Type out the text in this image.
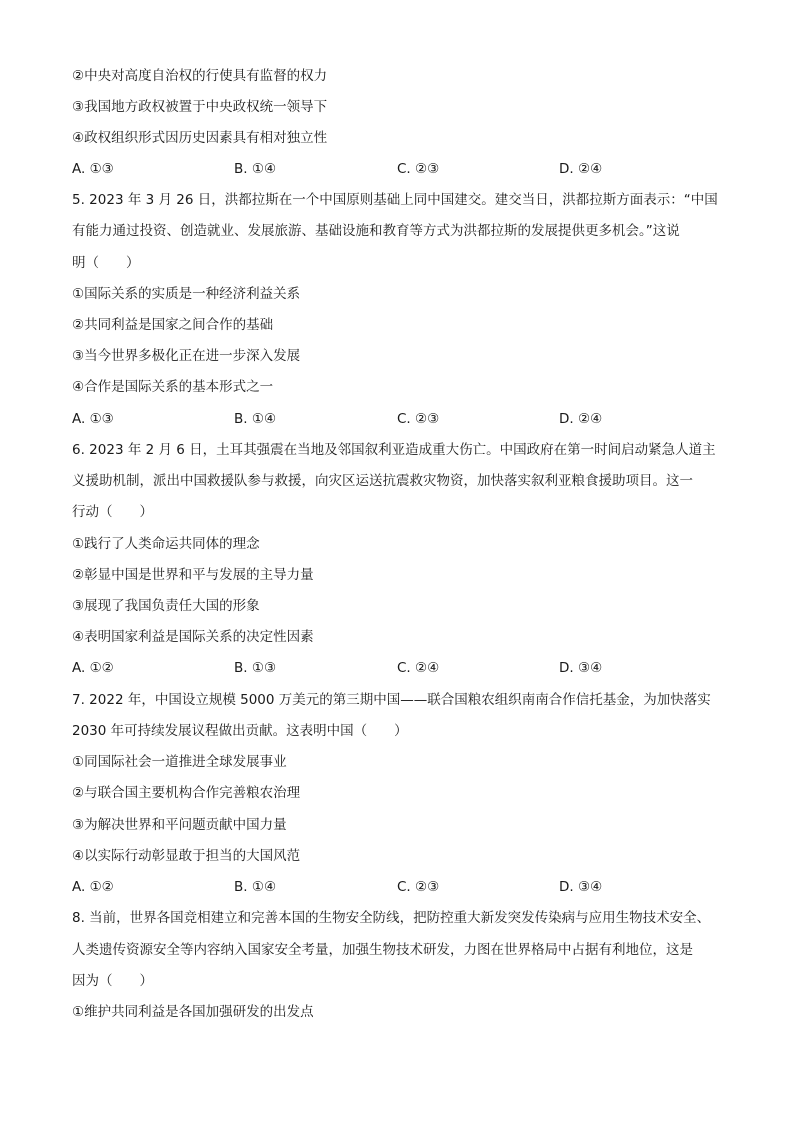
②中央对高度自治权的行使具有监督的权力
③我国地方政权被置于中央政权统一领导下
④政权组织形式因历史因素具有相对独立性
A. ①③	B. ①④	C. ②③	D. ②④
5. 2023 年 3 月 26 日，洪都拉斯在一个中国原则基础上同中国建交。建交当日，洪都拉斯方面表示：“中国
有能力通过投资、创造就业、发展旅游、基础设施和教育等方式为洪都拉斯的发展提供更多机会。”这说
明（　　）
①国际关系的实质是一种经济利益关系
②共同利益是国家之间合作的基础
③当今世界多极化正在进一步深入发展
④合作是国际关系的基本形式之一
A. ①③	B. ①④	C. ②③	D. ②④
6. 2023 年 2 月 6 日，土耳其强震在当地及邻国叙利亚造成重大伤亡。中国政府在第一时间启动紧急人道主
义援助机制，派出中国救援队参与救援，向灾区运送抗震救灾物资，加快落实叙利亚粮食援助项目。这一
行动（　　）
①践行了人类命运共同体的理念
②彰显中国是世界和平与发展的主导力量
③展现了我国负责任大国的形象
④表明国家利益是国际关系的决定性因素
A. ①②	B. ①③	C. ②④	D. ③④
7. 2022 年，中国设立规模 5000 万美元的第三期中国——联合国粮农组织南南合作信托基金，为加快落实
2030 年可持续发展议程做出贡献。这表明中国（　　）
①同国际社会一道推进全球发展事业
②与联合国主要机构合作完善粮农治理
③为解决世界和平问题贡献中国力量
④以实际行动彰显敢于担当的大国风范
A. ①②	B. ①④	C. ②③	D. ③④
8. 当前，世界各国竞相建立和完善本国的生物安全防线，把防控重大新发突发传染病与应用生物技术安全、
人类遗传资源安全等内容纳入国家安全考量，加强生物技术研发，力图在世界格局中占据有利地位，这是
因为（　　）
①维护共同利益是各国加强研发的出发点
